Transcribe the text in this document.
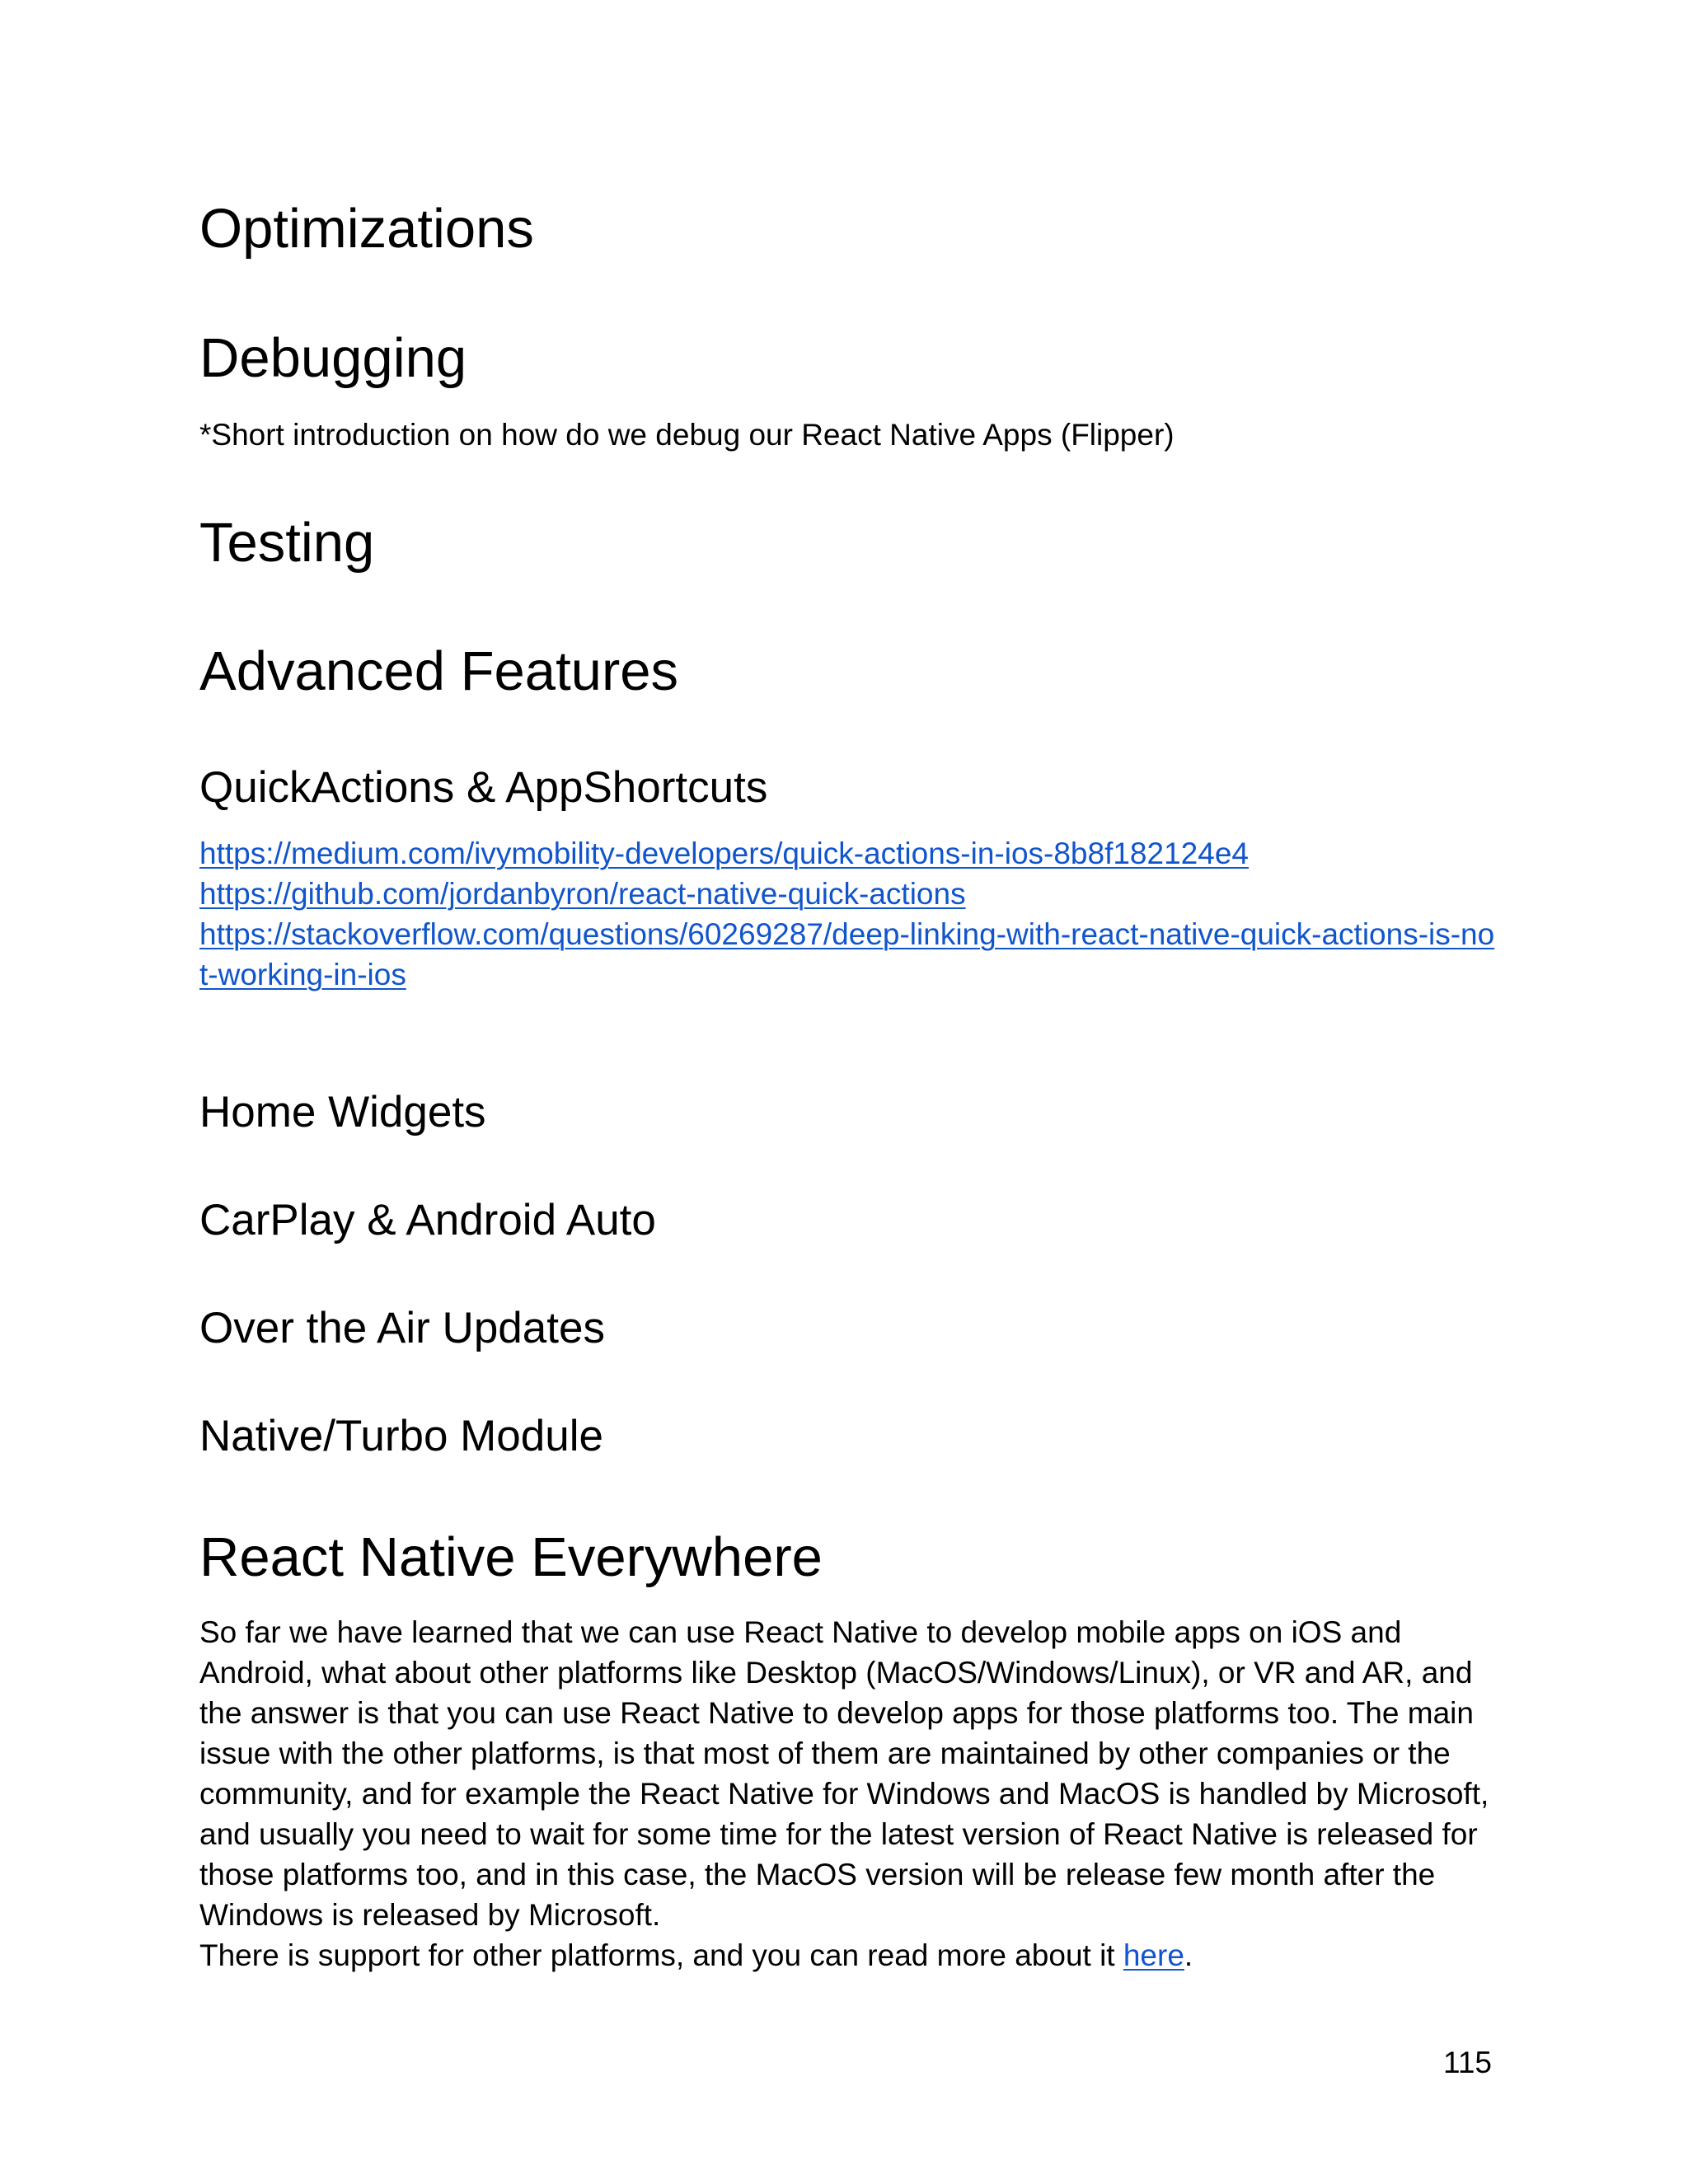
Optimizations
Debugging

*Short introduction on how do we debug our React Native Apps (Flipper)

Testing
Advanced Features
QuickActions & AppShortcuts
https://medium.com/ivymobility-developers/quick-actions-in-ios-8b8f182124e4
https://github.com/jordanbyron/react-native-quick-actions
https://stackoverflow.com/questions/60269287/deep-linking-with-react-native-quick-actions-is-no
t-working-in-ios
Home Widgets
CarPlay & Android Auto
Over the Air Updates
Native/Turbo Module
React Native Everywhere
So far we have learned that we can use React Native to develop mobile apps on iOS and
Android, what about other platforms like Desktop (MacOS/Windows/Linux), or VR and AR, and
the answer is that you can use React Native to develop apps for those platforms too. The main
issue with the other platforms, is that most of them are maintained by other companies or the
community, and for example the React Native for Windows and MacOS is handled by Microsoft,
and usually you need to wait for some time for the latest version of React Native is released for
those platforms too, and in this case, the MacOS version will be release few month after the
Windows is released by Microsoft.
There is support for other platforms, and you can read more about it here.

115
